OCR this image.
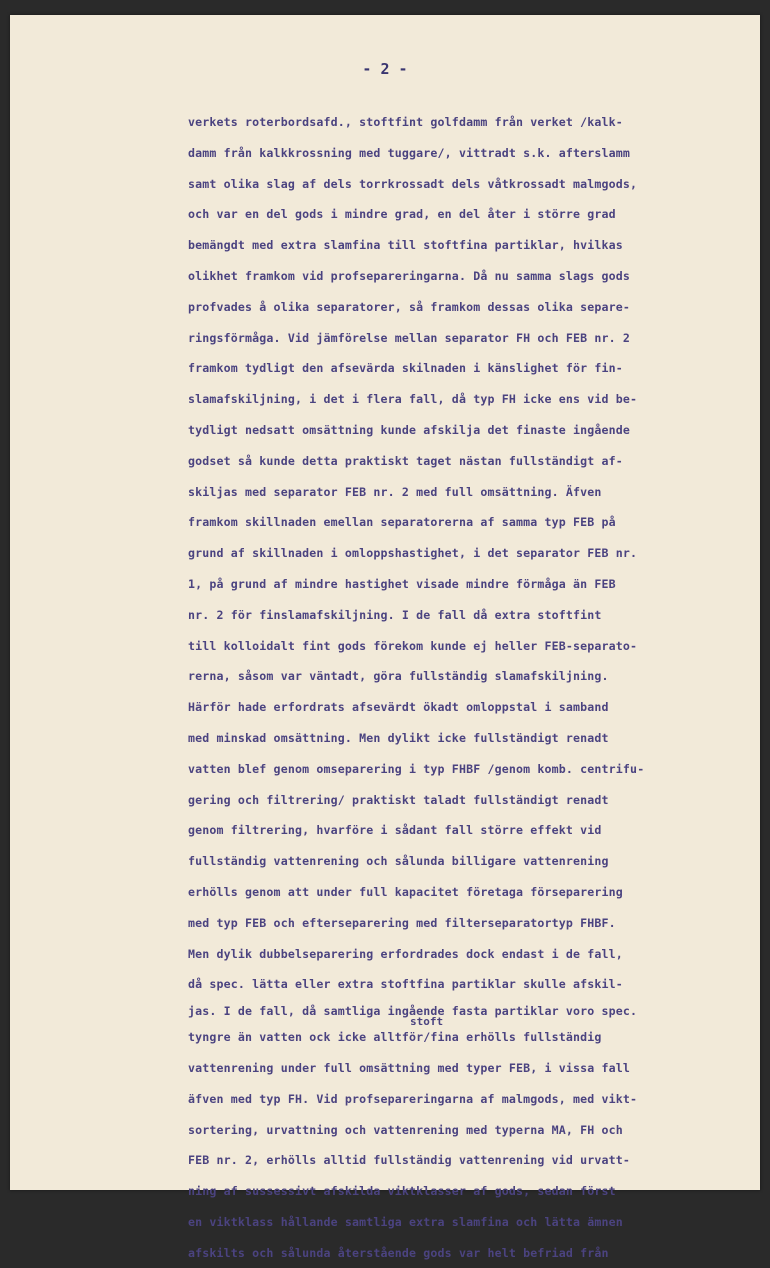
- 2 -
verkets roterbordsafd., stoftfint golfdamm från verket /kalk-
damm från kalkkrossning med tuggare/, vittradt s.k. afterslamm
samt olika slag af dels torrkrossadt dels våtkrossadt malmgods,
och var en del gods i mindre grad, en del åter i större grad
bemängdt med extra slamfina till stoftfina partiklar, hvilkas
olikhet framkom vid profsepareringarna. Då nu samma slags gods
profvades å olika separatorer, så framkom dessas olika separe-
ringsförmåga. Vid jämförelse mellan separator FH och FEB nr. 2
framkom tydligt den afsevärda skilnaden i känslighet för fin-
slamafskiljning, i det i flera fall, då typ FH icke ens vid be-
tydligt nedsatt omsättning kunde afskilja det finaste ingående
godset så kunde detta praktiskt taget nästan fullständigt af-
skiljas med separator FEB nr. 2 med full omsättning. Äfven
framkom skillnaden emellan separatorerna af samma typ FEB på
grund af skillnaden i omloppshastighet, i det separator FEB nr.
1, på grund af mindre hastighet visade mindre förmåga än FEB
nr. 2 för finslamafskiljning. I de fall då extra stoftfint
till kolloidalt fint gods förekom kunde ej heller FEB-separato-
rerna, såsom var väntadt, göra fullständig slamafskiljning.
Härför hade erfordrats afsevärdt ökadt omloppstal i samband
med minskad omsättning. Men dylikt icke fullständigt renadt
vatten blef genom omseparering i typ FHBF /genom komb. centrifu-
gering och filtrering/ praktiskt taladt fullständigt renadt
genom filtrering, hvarföre i sådant fall större effekt vid
fullständig vattenrening och sålunda billigare vattenrening
erhölls genom att under full kapacitet företaga förseparering
med typ FEB och efterseparering med filterseparatortyp FHBF.
Men dylik dubbelseparering erfordrades dock endast i de fall,
då spec. lätta eller extra stoftfina partiklar skulle afskil-
jas. I de fall, då samtliga ingående fasta partiklar voro spec.
stoft
tyngre än vatten ock icke alltför/fina erhölls fullständig
vattenrening under full omsättning med typer FEB, i vissa fall
äfven med typ FH. Vid profsepareringarna af malmgods, med vikt-
sortering, urvattning och vattenrening med typerna MA, FH och
FEB nr. 2, erhölls alltid fullständig vattenrening vid urvatt-
ning af sussessivt afskilda viktklasser af gods, sedan först
en viktklass hållande samtliga extra slamfina och lätta ämnen
afskilts och sålunda återstående gods var helt befriad från
